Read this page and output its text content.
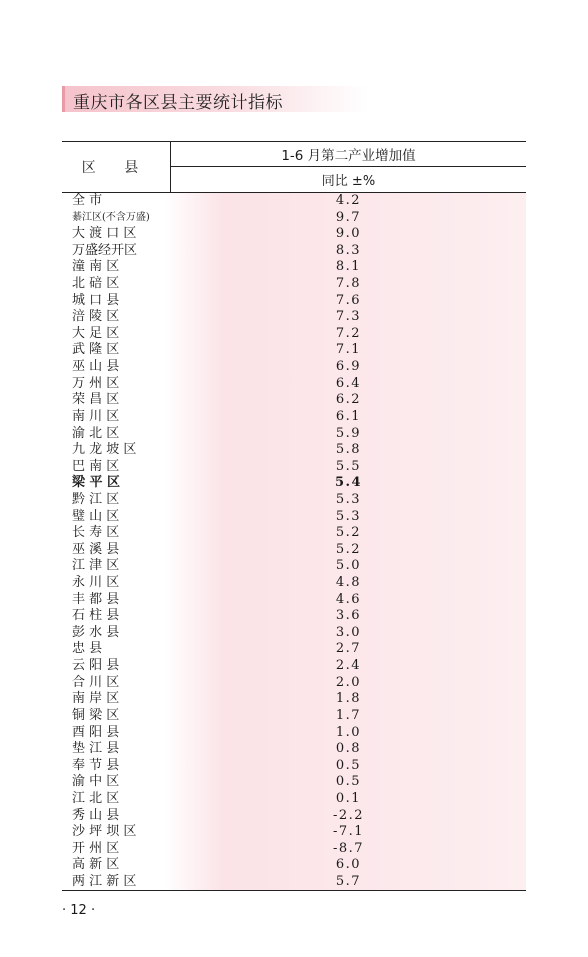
重庆市各区县主要统计指标
区 县
1-6 月第二产业增加值
同比 ±%
全 市	4.2
綦江区(不含万盛)	9.7
大 渡 口 区	9.0
万盛经开区	8.3
潼 南 区	8.1
北 碚 区	7.8
城 口 县	7.6
涪 陵 区	7.3
大 足 区	7.2
武 隆 区	7.1
巫 山 县	6.9
万 州 区	6.4
荣 昌 区	6.2
南 川 区	6.1
渝 北 区	5.9
九 龙 坡 区	5.8
巴 南 区	5.5
梁 平 区	5.4
黔 江 区	5.3
璧 山 区	5.3
长 寿 区	5.2
巫 溪 县	5.2
江 津 区	5.0
永 川 区	4.8
丰 都 县	4.6
石 柱 县	3.6
彭 水 县	3.0
忠 县	2.7
云 阳 县	2.4
合 川 区	2.0
南 岸 区	1.8
铜 梁 区	1.7
酉 阳 县	1.0
垫 江 县	0.8
奉 节 县	0.5
渝 中 区	0.5
江 北 区	0.1
秀 山 县	-2.2
沙 坪 坝 区	-7.1
开 州 区	-8.7
高 新 区	6.0
两 江 新 区	5.7
· 12 ·
